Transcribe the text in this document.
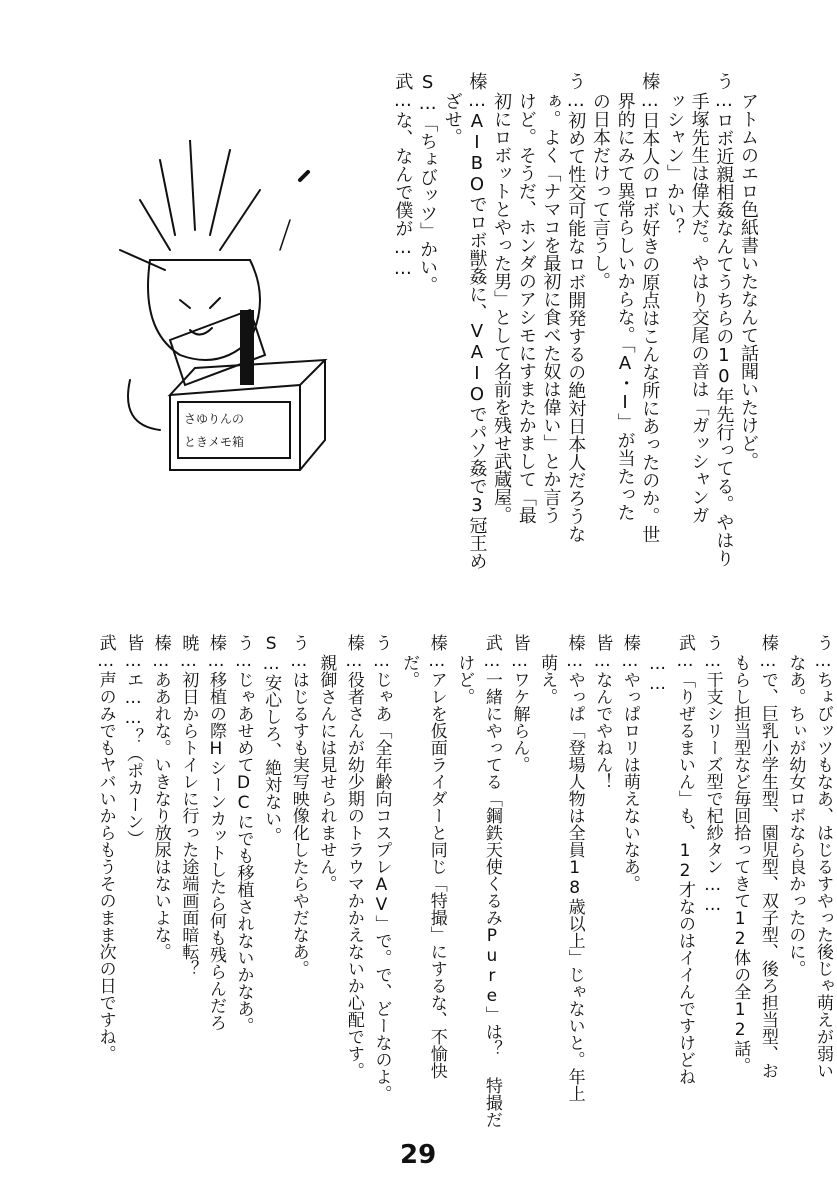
アトムのエロ色紙書いたなんて話聞いたけど。
う…ロボ近親相姦なんてうちらの10年先行ってる。やはり
手塚先生は偉大だ。やはり交尾の音は「ガッシャンガ
ッシャン」かい？
榛…日本人のロボ好きの原点はこんな所にあったのか。世
界的にみて異常らしいからな。「A・I」が当たった
の日本だけって言うし。
う…初めて性交可能なロボ開発するの絶対日本人だろうな
ぁ。よく「ナマコを最初に食べた奴は偉い」とか言う
けど。そうだ、ホンダのアシモにすまたかまして「最
初にロボットとやった男」として名前を残せ武蔵屋。
榛…AIBOでロボ獣姦に、VAIOでパソ姦で3冠王め
ざせ。
S…「ちょびッツ」かい。
武…な、なんで僕が……
さゆりんの
ときメモ箱
う…ちょびッツもなあ、はじるすやった後じゃ萌えが弱い
なあ。ちぃが幼女ロボなら良かったのに。
榛…で、巨乳小学生型、園児型、双子型、後ろ担当型、お
もらし担当型など毎回拾ってきて12体の全12話。
う…干支シリーズ型で杞紗タン……
武…「りぜるまいん」も、12才なのはイイんですけどね
……
榛…やっぱロリは萌えないなあ。
皆…なんでやねん！
榛…やっぱ「登場人物は全員18歳以上」じゃないと。年上
萌え。
皆…ワケ解らん。
武…一緒にやってる「鋼鉄天使くるみPure」は？ 特撮だ
けど。
榛…アレを仮面ライダーと同じ「特撮」にするな、不愉快
だ。
う…じゃあ「全年齢向コスプレAV」で。で、どーなのよ。
榛…役者さんが幼少期のトラウマかかえないか心配です。
親御さんには見せられません。
う…はじるすも実写映像化したらやだなあ。
S…安心しろ、絶対ない。
う…じゃあせめてDCにでも移植されないかなあ。
榛…移植の際Hシーンカットしたら何も残らんだろ
暁…初日からトイレに行った途端画面暗転？
榛…ああれな。いきなり放尿はないよな。
皆…エ……？（ポカーン）
武…声のみでもヤバいからもうそのまま次の日ですね。
29
